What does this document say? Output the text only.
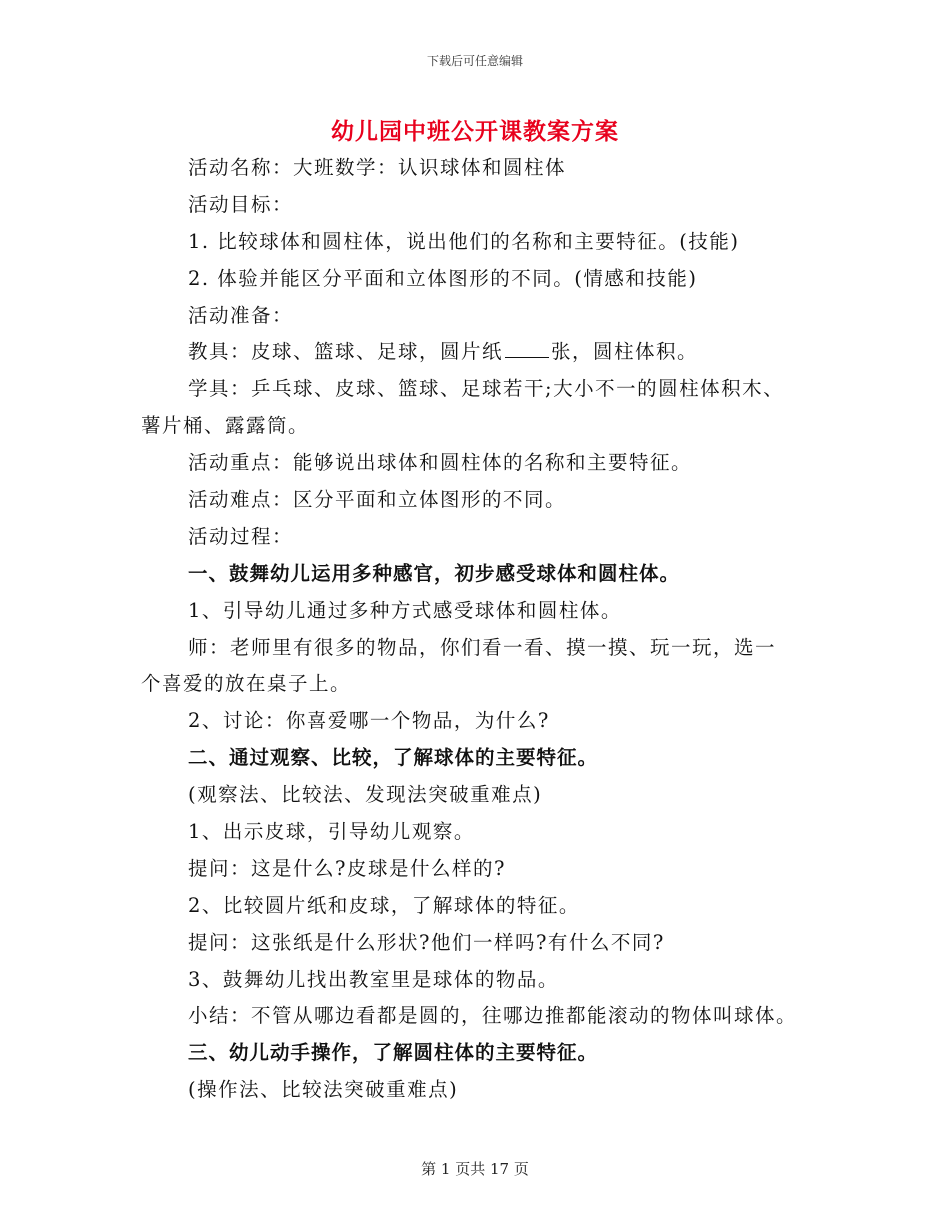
下载后可任意编辑
幼儿园中班公开课教案方案
活动名称：大班数学：认识球体和圆柱体
活动目标：
1. 比较球体和圆柱体，说出他们的名称和主要特征。(技能)
2. 体验并能区分平面和立体图形的不同。(情感和技能)
活动准备：
教具：皮球、篮球、足球，圆片纸 张，圆柱体积。
学具：乒乓球、皮球、篮球、足球若干;大小不一的圆柱体积木、
薯片桶、露露筒。
活动重点：能够说出球体和圆柱体的名称和主要特征。
活动难点：区分平面和立体图形的不同。
活动过程：
一、鼓舞幼儿运用多种感官，初步感受球体和圆柱体。
1、引导幼儿通过多种方式感受球体和圆柱体。
师：老师里有很多的物品，你们看一看、摸一摸、玩一玩，选一
个喜爱的放在桌子上。
2、讨论：你喜爱哪一个物品，为什么?
二、通过观察、比较，了解球体的主要特征。
(观察法、比较法、发现法突破重难点)
1、出示皮球，引导幼儿观察。
提问：这是什么?皮球是什么样的?
2、比较圆片纸和皮球，了解球体的特征。
提问：这张纸是什么形状?他们一样吗?有什么不同?
3、鼓舞幼儿找出教室里是球体的物品。
小结：不管从哪边看都是圆的，往哪边推都能滚动的物体叫球体。
三、幼儿动手操作，了解圆柱体的主要特征。
(操作法、比较法突破重难点)
第 1 页共 17 页
